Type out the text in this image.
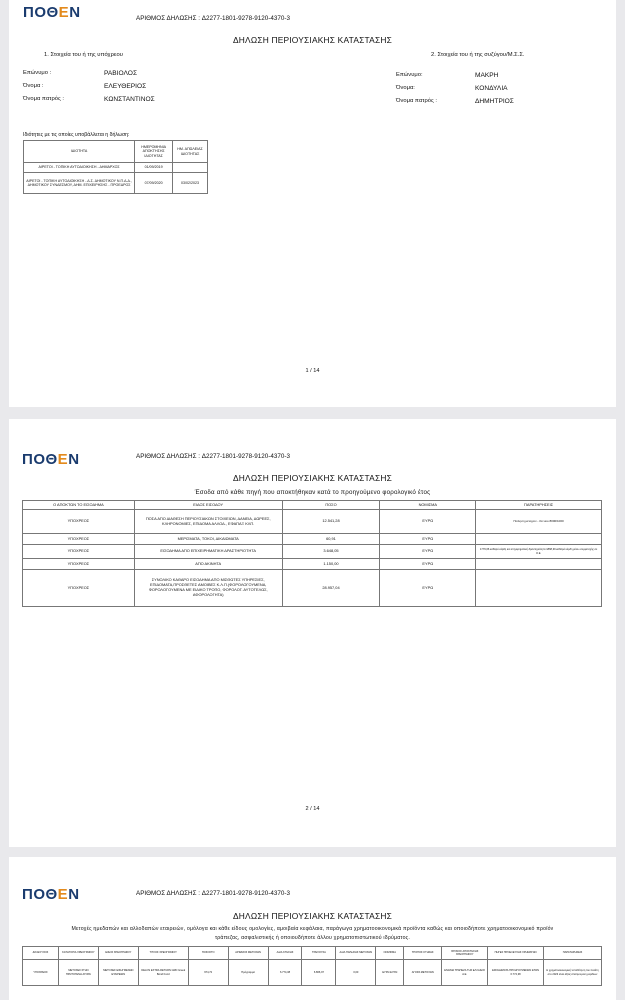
ΠΟΘΕΝ	ΑΡΙΘΜΟΣ ΔΗΛΩΣΗΣ : Δ2277-1801-9278-9120-4370-3
ΔΗΛΩΣΗ ΠΕΡΙΟΥΣΙΑΚΗΣ ΚΑΤΑΣΤΑΣΗΣ
1. Στοιχεία του ή της υπόχρεου	2. Στοιχεία του ή της συζύγου/Μ.Σ.Σ.
Επώνυμο :	ΡΑΒΙΟΛΟΣ
Όνομα :	ΕΛΕΥΘΕΡΙΟΣ
Όνομα πατρός :	ΚΩΝΣΤΑΝΤΙΝΟΣ
Επώνυμο:	ΜΑΚΡΗ
Όνομα:	ΚΟΝΔΥΛΙΑ
Όνομα πατρός :	ΔΗΜΗΤΡΙΟΣ
Ιδιότητες με τις οποίες υποβάλλεται η δήλωση:
ΙΔΙΟΤΗΤΑ	ΗΜΕΡΟΜΗΝΙΑ ΑΠΟΚΤΗΣΗΣ ΙΔΙΟΤΗΤΑΣ	ΗΜ. ΑΠΩΛΕΙΑΣ ΙΔΙΟΤΗΤΑΣ
ΑΙΡΕΤΟΙ - ΤΟΠΙΚΗ ΑΥΤΟΔΙΟΙΚΗΣΗ - ΔΗΜΑΡΧΟΣ	01/09/2019	
ΑΙΡΕΤΟΙ - ΤΟΠΙΚΗ ΑΥΤΟΔΙΟΙΚΗΣΗ - Δ.Σ. ΔΗΜΟΤΙΚΟΥ Ν.Π.Δ.Δ., ΔΗΜΟΤΙΚΟΥ ΣΥΝΔΕΣΜΟΥ, ΔΗΜ. ΕΠΙΧΕΙΡΗΣΗΣ - ΠΡΟΕΔΡΟΣ	07/09/2020	03/02/2023
1 / 14
ΠΟΘΕΝ	ΑΡΙΘΜΟΣ ΔΗΛΩΣΗΣ : Δ2277-1801-9278-9120-4370-3
ΔΗΛΩΣΗ ΠΕΡΙΟΥΣΙΑΚΗΣ ΚΑΤΑΣΤΑΣΗΣ
Έσοδα από κάθε πηγή που αποκτήθηκαν κατά το προηγούμενο φορολογικό έτος
Ο ΑΠΟΚΤΩΝ ΤΟ ΕΙΣΟΔΗΜΑ	ΕΙΔΟΣ ΕΙΣΟΔΟΥ	ΠΟΣΟ	ΝΟΜΙΣΜΑ	ΠΑΡΑΤΗΡΗΣΕΙΣ
ΥΠΟΧΡΕΟΣ	ΠΟΣΑ ΑΠΟ ΔΙΑΘΕΣΗ ΠΕΡΙΟΥΣΙΑΚΩΝ ΣΤΟΙΧΕΙΩΝ, ΔΑΝΕΙΑ, ΔΩΡΕΕΣ, ΚΛΗΡΟΝΟΜΙΕΣ, ΕΠΙΔΟΜΑ ΑΛΛΟΔ., ΕΦΑΠΑΞ ΚΛΠ.	12.541,28	ΕΥΡΩ	Πώληση μετοχών - δα νειο 8000/1000
ΥΠΟΧΡΕΟΣ	ΜΕΡΙΣΜΑΤΑ, ΤΟΚΟΙ, ΔΙΚΑΙΩΜΑΤΑ	60,91	ΕΥΡΩ	
ΥΠΟΧΡΕΟΣ	ΕΙΣΟΔΗΜΑ ΑΠΟ ΕΠΙΧΕΙΡΗΜΑΤΙΚΗ ΔΡΑΣΤΗΡΙΟΤΗΤΑ	3.648,05	ΕΥΡΩ	1779,66 καθαρό κέρδη και επιχειρηματική δραστηριότητα 1868,39 καθαρό κέρδη μέσω συμμετοχής σε Ο.Ε.
ΥΠΟΧΡΕΟΣ	ΑΠΟ ΑΚΙΝΗΤΑ	1.150,00	ΕΥΡΩ	
ΥΠΟΧΡΕΟΣ	ΣΥΝΟΛΙΚΟ ΚΑΘΑΡΟ ΕΙΣΟΔΗΜΑ ΑΠΟ ΜΙΣΘΩΤΕΣ ΥΠΗΡΕΣΙΕΣ, ΕΠΙΔΟΜΑΤΑ,ΠΡΟΣΘΕΤΕΣ ΑΜΟΙΒΕΣ Κ.Λ.Π.(ΦΟΡΟΛΟΓΟΥΜΕΝΑ, ΦΟΡΟΛΟΓΟΥΜΕΝΑ ΜΕ ΕΙΔΙΚΟ ΤΡΟΠΟ, ΦΟΡΟΛΟΓ. ΑΥΤΟΤΕΛΩΣ, ΑΦΟΡΟΛΟΓΗΤΑ)	28.957,04	ΕΥΡΩ	
2 / 14
ΠΟΘΕΝ	ΑΡΙΘΜΟΣ ΔΗΛΩΣΗΣ : Δ2277-1801-9278-9120-4370-3
ΔΗΛΩΣΗ ΠΕΡΙΟΥΣΙΑΚΗΣ ΚΑΤΑΣΤΑΣΗΣ
Μετοχές ημεδαπών και αλλοδαπών εταιρειών, ομόλογα και κάθε είδους ομολογίες, αμοιβαία κεφάλαια, παράγωγα χρηματοοικονομικά προϊόντα καθώς και οποιοδήποτε χρηματοοικονομικό προϊόν
τράπεζας, ασφαλιστικής ή οποιουδήποτε άλλου χρηματοπιστωτικού ιδρύματος.
ΔΙΚΑΙΟΥΧΟΣ	ΚΑΤΗΓΟΡΙΑ ΧΡΕΟΓΡΑΦΟΥ	ΕΙΔΟΣ ΧΡΕΟΓΡΑΦΟΥ	ΤΙΤΛΟΣ ΧΡΕΟΓΡΑΦΟΥ	ΠΟΣΟΣΤΟ	ΑΡΙΘΜΟΣ ΜΕΤΟΧΩΝ	ΑΞΙΑ ΚΤΗΣΗΣ	ΤΡΕΧΟΥΣΑ	ΑΞΙΑ ΠΩΛΗΣΗΣ ΜΕΤΟΧΩΝ	ΝΟΜΙΣΜΑ	ΤΡΟΠΟΣ ΚΤΗΣΗΣ	ΧΡΟΝΟΣ ΑΠΟΚΤΗΣΗΣ ΧΡΕΟΓΡΑΦΟΥ	ΠΗΓΕΣ ΠΡΟΕΛΕΥΣΗΣ ΧΡΗΜΑΤΩΝ	ΠΑΡΑΤΗΡΗΣΕΙΣ
ΥΠΟΧΡΕΟΣ	ΜΕΤΟΧΕΣ ΣΤΗΝ ΠΡΩΤΟΓΕΝΗ ΑΓΟΡΑ	ΜΕΤΟΧΕΣ ΕΙΣΗΓΜΕΝΩΝ ΕΤΑΙΡΕΙΩΝ	DELOS EXTRA RETURN GRD Greek Bond Fund	974,72	Πρόγραμμα	6.774,38	6.866,97	0,00	ΕΥΡΩ ΕΥΡΩ	ΑΓΟΡΑ ΜΕΤΟΧΩΝ	ΕΝΩΝΙΑ ΤΡΑΠΕΖΑ ΤΗΣ ΕΛΛΑΔΟΣ Α.Ε.	ΕΙΣΟΔΗΜΑΤΑ ΠΡΟΗΓΟΥΜΕΝΩΝ ΕΤΩΝ 6.774,38	Η χρηματοοικονομική τοποθέτηση του πελάτη στο 2023 είναι αξίας αποτιμώμενη μεριδίων
